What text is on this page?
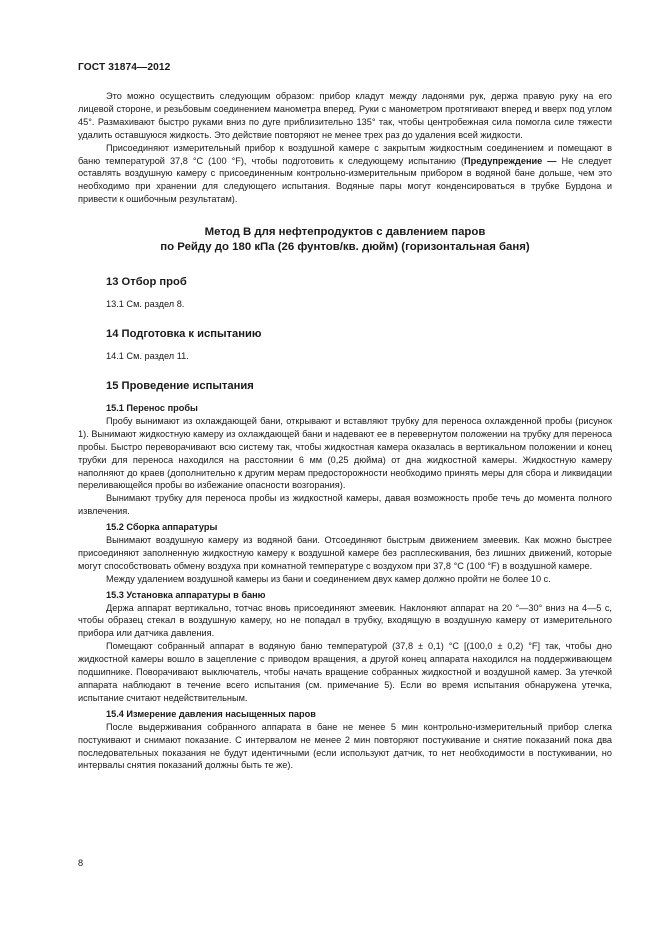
ГОСТ 31874—2012

Это можно осуществить следующим образом: прибор кладут между ладонями рук, держа правую руку на его лицевой стороне, и резьбовым соединением манометра вперед. Руки с манометром протягивают вперед и вверх под углом 45°. Размахивают быстро руками вниз по дуге приблизительно 135° так, чтобы центробежная сила помогла силе тяжести удалить оставшуюся жидкость. Это действие повторяют не менее трех раз до удаления всей жидкости.

Присоединяют измерительный прибор к воздушной камере с закрытым жидкостным соединением и помещают в баню температурой 37,8 °C (100 °F), чтобы подготовить к следующему испытанию (Предупреждение — Не следует оставлять воздушную камеру с присоединенным контрольно-измерительным прибором в водяной бане дольше, чем это необходимо при хранении для следующего испытания. Водяные пары могут конденсироваться в трубке Бурдона и привести к ошибочным результатам).

Метод B для нефтепродуктов с давлением паров
по Рейду до 180 кПа (26 фунтов/кв. дюйм) (горизонтальная баня)
13 Отбор проб

13.1 См. раздел 8.

14 Подготовка к испытанию

14.1 См. раздел 11.

15 Проведение испытания
15.1 Перенос пробы

Пробу вынимают из охлаждающей бани, открывают и вставляют трубку для переноса охлажденной пробы (рисунок 1). Вынимают жидкостную камеру из охлаждающей бани и надевают ее в перевернутом положении на трубку для переноса пробы. Быстро переворачивают всю систему так, чтобы жидкостная камера оказалась в вертикальном положении и конец трубки для переноса находился на расстоянии 6 мм (0,25 дюйма) от дна жидкостной камеры. Жидкостную камеру наполняют до краев (дополнительно к другим мерам предосторожности необходимо принять меры для сбора и ликвидации переливающейся пробы во избежание опасности возгорания).

Вынимают трубку для переноса пробы из жидкостной камеры, давая возможность пробе течь до момента полного извлечения.

15.2 Сборка аппаратуры

Вынимают воздушную камеру из водяной бани. Отсоединяют быстрым движением змеевик. Как можно быстрее присоединяют заполненную жидкостную камеру к воздушной камере без расплескивания, без лишних движений, которые могут способствовать обмену воздуха при комнатной температуре с воздухом при 37,8 °C (100 °F) в воздушной камере.

Между удалением воздушной камеры из бани и соединением двух камер должно пройти не более 10 с.

15.3 Установка аппаратуры в баню

Держа аппарат вертикально, тотчас вновь присоединяют змеевик. Наклоняют аппарат на 20 °—30° вниз на 4—5 с, чтобы образец стекал в воздушную камеру, но не попадал в трубку, входящую в воздушную камеру от измерительного прибора или датчика давления.

Помещают собранный аппарат в водяную баню температурой (37,8 ± 0,1) °C [(100,0 ± 0,2) °F] так, чтобы дно жидкостной камеры вошло в зацепление с приводом вращения, а другой конец аппарата находился на поддерживающем подшипнике. Поворачивают выключатель, чтобы начать вращение собранных жидкостной и воздушной камер. За утечкой аппарата наблюдают в течение всего испытания (см. примечание 5). Если во время испытания обнаружена утечка, испытание считают недействительным.

15.4 Измерение давления насыщенных паров

После выдерживания собранного аппарата в бане не менее 5 мин контрольно-измерительный прибор слегка постукивают и снимают показание. С интервалом не менее 2 мин повторяют постукивание и снятие показаний пока два последовательных показания не будут идентичными (если используют датчик, то нет необходимости в постукивании, но интервалы снятия показаний должны быть те же).

8
